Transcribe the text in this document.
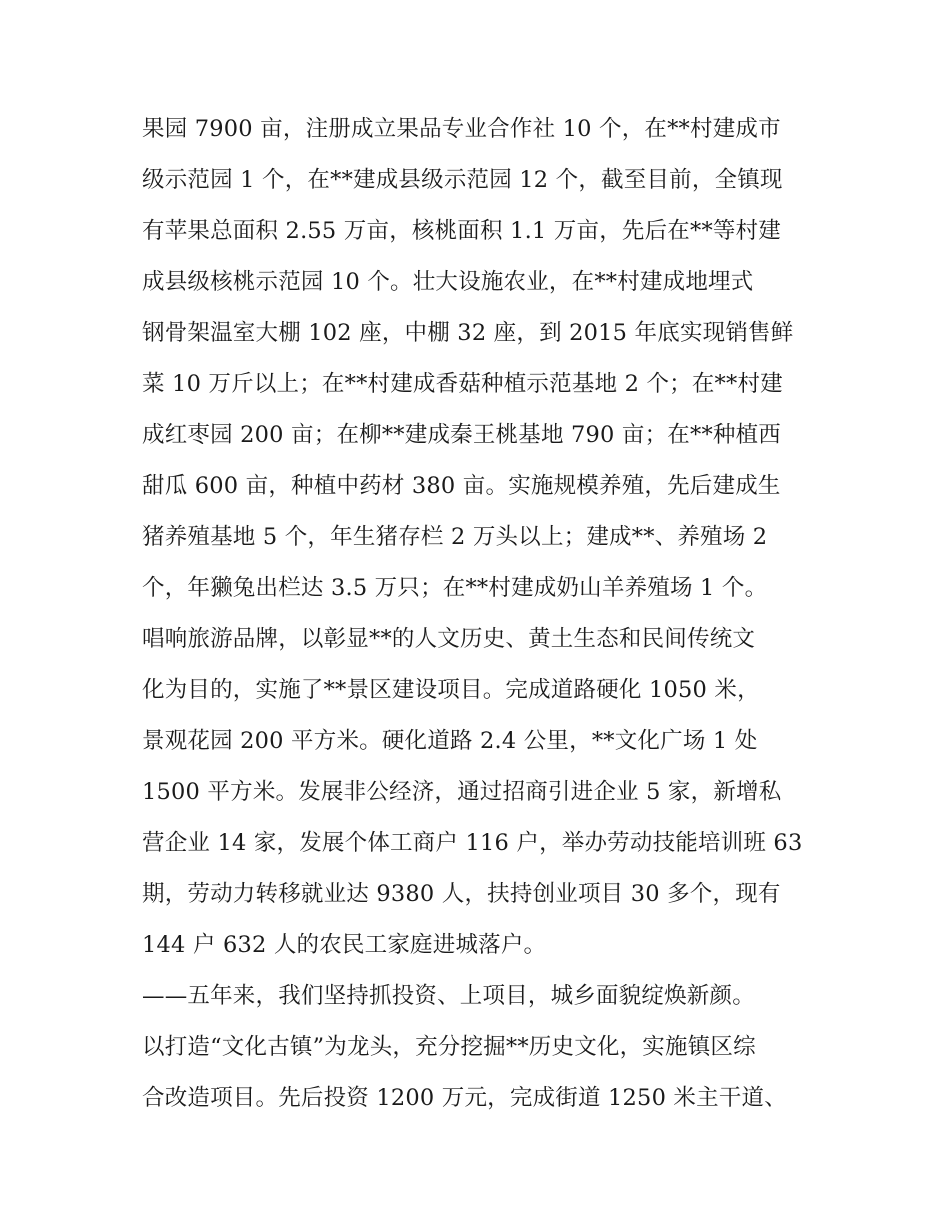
果园 7900 亩，注册成立果品专业合作社 10 个，在**村建成市
级示范园 1 个，在**建成县级示范园 12 个，截至目前，全镇现
有苹果总面积 2.55 万亩，核桃面积 1.1 万亩，先后在**等村建
成县级核桃示范园 10 个。壮大设施农业，在**村建成地埋式
钢骨架温室大棚 102 座，中棚 32 座，到 2015 年底实现销售鲜
菜 10 万斤以上；在**村建成香菇种植示范基地 2 个；在**村建
成红枣园 200 亩；在柳**建成秦王桃基地 790 亩；在**种植西
甜瓜 600 亩，种植中药材 380 亩。实施规模养殖，先后建成生
猪养殖基地 5 个，年生猪存栏 2 万头以上；建成**、养殖场 2
个，年獭兔出栏达 3.5 万只；在**村建成奶山羊养殖场 1 个。
唱响旅游品牌，以彰显**的人文历史、黄土生态和民间传统文
化为目的，实施了**景区建设项目。完成道路硬化 1050 米，
景观花园 200 平方米。硬化道路 2.4 公里，**文化广场 1 处
1500 平方米。发展非公经济，通过招商引进企业 5 家，新增私
营企业 14 家，发展个体工商户 116 户，举办劳动技能培训班 63
期，劳动力转移就业达 9380 人，扶持创业项目 30 多个，现有
144 户 632 人的农民工家庭进城落户。
——五年来，我们坚持抓投资、上项目，城乡面貌绽焕新颜。
以打造“文化古镇”为龙头，充分挖掘**历史文化，实施镇区综
合改造项目。先后投资 1200 万元，完成街道 1250 米主干道、
